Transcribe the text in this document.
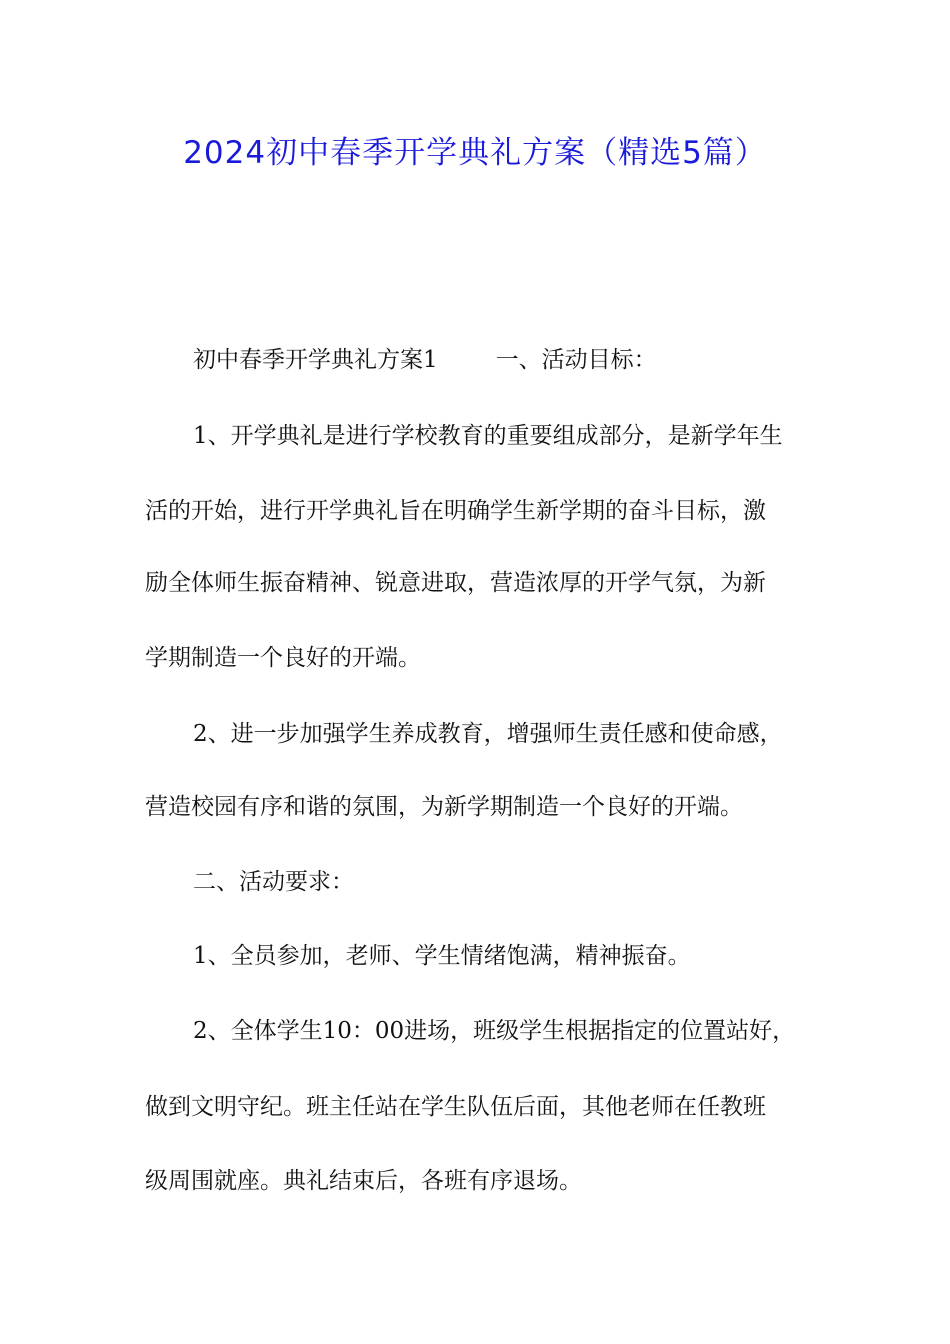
2024初中春季开学典礼方案（精选5篇）
初中春季开学典礼方案1	一、活动目标：
1、开学典礼是进行学校教育的重要组成部分，是新学年生
活的开始，进行开学典礼旨在明确学生新学期的奋斗目标，激
励全体师生振奋精神、锐意进取，营造浓厚的开学气氛，为新
学期制造一个良好的开端。
2、进一步加强学生养成教育，增强师生责任感和使命感，
营造校园有序和谐的氛围，为新学期制造一个良好的开端。
二、活动要求：
1、全员参加，老师、学生情绪饱满，精神振奋。
2、全体学生10：00进场，班级学生根据指定的位置站好，
做到文明守纪。班主任站在学生队伍后面，其他老师在任教班
级周围就座。典礼结束后，各班有序退场。
